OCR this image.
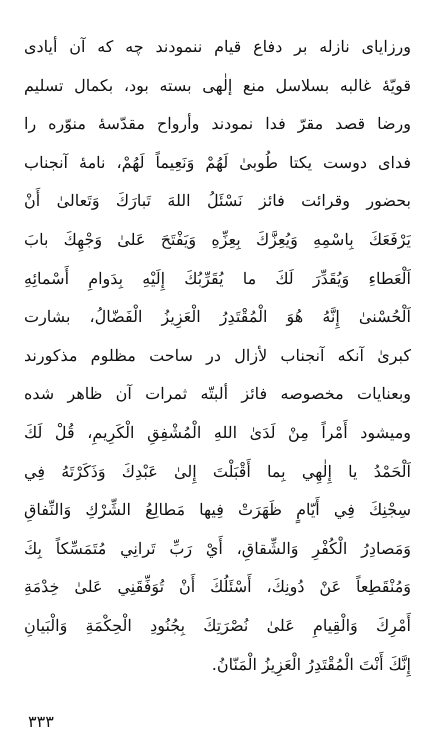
ورزایای نازله بر دفاع قیام ننمودند چه که آن أیادی
قویّهٔ غالبه بسلاسل منع إلٰهی بسته بود، بکمال تسلیم
ورضا قصد مقرّ فدا نمودند وأرواح مقدّسهٔ منوّره را
فدای دوست یکتا طُوبیٰ لَهُمْ وَنَعِیماً لَهُمْ، نامهٔ آنجناب
بحضور وقرائت فائز نَسْئَلُ اللهَ تَبارَكَ وَتَعالیٰ أَنْ
یَرْفَعَكَ بِاسْمِهِ وَیُعِزَّكَ بِعِزِّهِ وَیَفْتَحَ عَلیٰ وَجْهِكَ بابَ
اَلْعَطاءِ وَیُقَدِّرَ لَكَ ما یُقَرِّبُكَ إِلَیْهِ بِدَوامِ أَسْمائِهِ
اَلْحُسْنیٰ إِنَّهُ هُوَ الْمُقْتَدِرُ الْعَزِیزُ الْفَضّالُ، بشارت
کبریٰ آنکه آنجناب لأزال در ساحت مظلوم مذکورند
وبعنایات مخصوصه فائز ألبتّه ثمرات آن ظاهر شده
ومیشود أَمْراً مِنْ لَدَیٰ اللهِ الْمُشْفِقِ الْکَرِیمِ، قُلْ لَكَ
اَلْحَمْدُ یا إِلٰهِي بِما أَقْبَلْتَ إِلیٰ عَبْدِكَ وَذَکَرْتَهُ فِي
سِجْنِكَ فِي أَیّامٍ ظَهَرَتْ فِیها مَطالِعُ الشِّرْكِ وَالنِّفاقِ
وَمَصادِرُ الْکُفْرِ وَالشِّقاقِ، أَيْ رَبِّ تَرانِي مُتَمَسِّکاً بِكَ
وَمُنْقَطِعاً عَنْ دُونِكَ، أَسْئَلُكَ أَنْ تُوَفِّقَنِي عَلیٰ خِدْمَةِ
أَمْرِكَ وَالْقِیامِ عَلیٰ نُصْرَتِكَ بِجُنُودِ الْحِکْمَةِ وَالْبَیانِ
إِنَّكَ أَنْتَ الْمُقْتَدِرُ الْعَزِیزُ الْمَنّانُ.
٣٣٣
